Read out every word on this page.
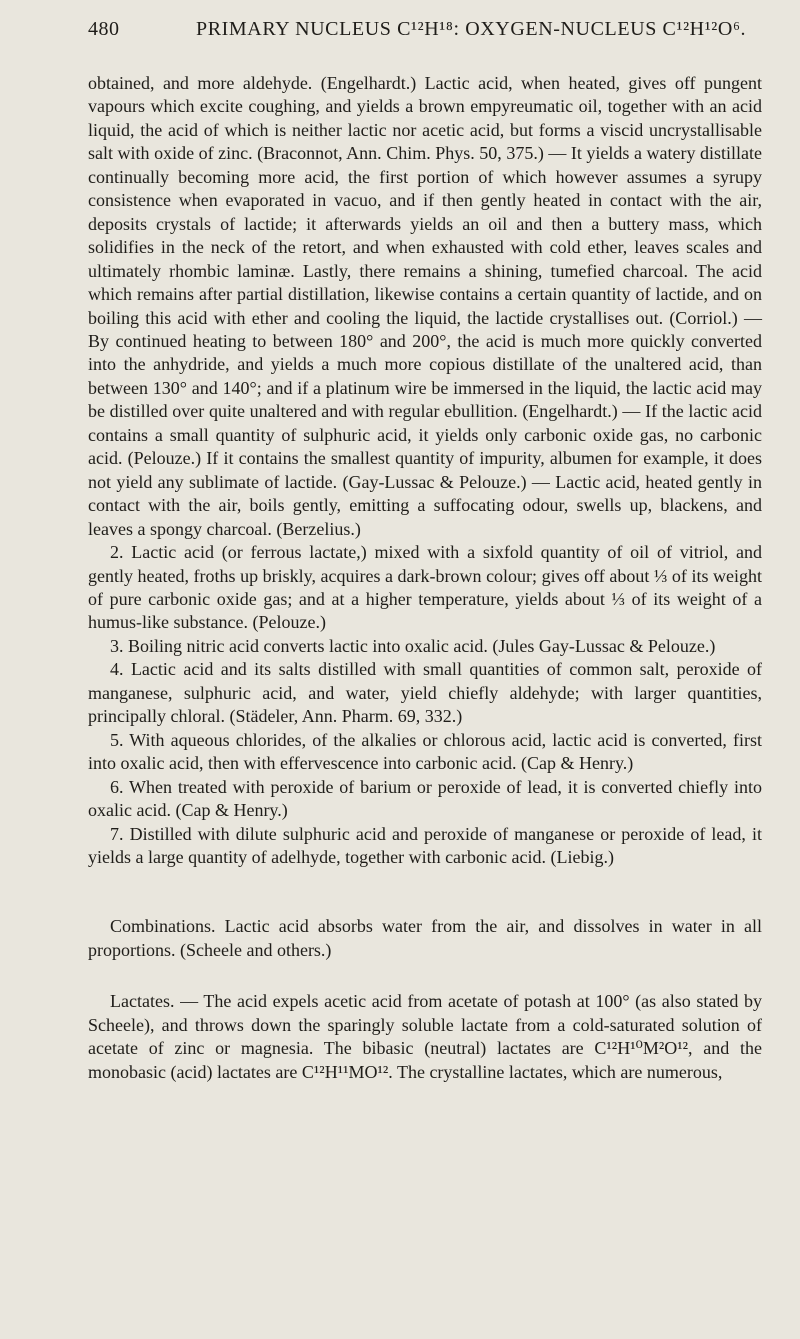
480	PRIMARY NUCLEUS C¹²H¹⁸: OXYGEN-NUCLEUS C¹²H¹²O⁶.

obtained, and more aldehyde. (Engelhardt.) Lactic acid, when heated, gives off pungent vapours which excite coughing, and yields a brown empyreumatic oil, together with an acid liquid, the acid of which is neither lactic nor acetic acid, but forms a viscid uncrystallisable salt with oxide of zinc. (Braconnot, Ann. Chim. Phys. 50, 375.) — It yields a watery distillate continually becoming more acid, the first portion of which however assumes a syrupy consistence when evaporated in vacuo, and if then gently heated in contact with the air, deposits crystals of lactide; it afterwards yields an oil and then a buttery mass, which solidifies in the neck of the retort, and when exhausted with cold ether, leaves scales and ultimately rhombic laminæ. Lastly, there remains a shining, tumefied charcoal. The acid which remains after partial distillation, likewise contains a certain quantity of lactide, and on boiling this acid with ether and cooling the liquid, the lactide crystallises out. (Corriol.) — By continued heating to between 180° and 200°, the acid is much more quickly converted into the anhydride, and yields a much more copious distillate of the unaltered acid, than between 130° and 140°; and if a platinum wire be immersed in the liquid, the lactic acid may be distilled over quite unaltered and with regular ebullition. (Engelhardt.) — If the lactic acid contains a small quantity of sulphuric acid, it yields only carbonic oxide gas, no carbonic acid. (Pelouze.) If it contains the smallest quantity of impurity, albumen for example, it does not yield any sublimate of lactide. (Gay-Lussac & Pelouze.) — Lactic acid, heated gently in contact with the air, boils gently, emitting a suffocating odour, swells up, blackens, and leaves a spongy charcoal. (Berzelius.)

2. Lactic acid (or ferrous lactate,) mixed with a sixfold quantity of oil of vitriol, and gently heated, froths up briskly, acquires a dark-brown colour; gives off about ⅓ of its weight of pure carbonic oxide gas; and at a higher temperature, yields about ⅓ of its weight of a humus-like substance. (Pelouze.)

3. Boiling nitric acid converts lactic into oxalic acid. (Jules Gay-Lussac & Pelouze.)

4. Lactic acid and its salts distilled with small quantities of common salt, peroxide of manganese, sulphuric acid, and water, yield chiefly aldehyde; with larger quantities, principally chloral. (Städeler, Ann. Pharm. 69, 332.)

5. With aqueous chlorides, of the alkalies or chlorous acid, lactic acid is converted, first into oxalic acid, then with effervescence into carbonic acid. (Cap & Henry.)

6. When treated with peroxide of barium or peroxide of lead, it is converted chiefly into oxalic acid. (Cap & Henry.)

7. Distilled with dilute sulphuric acid and peroxide of manganese or peroxide of lead, it yields a large quantity of adelhyde, together with carbonic acid. (Liebig.)

Combinations. Lactic acid absorbs water from the air, and dissolves in water in all proportions. (Scheele and others.)

Lactates. — The acid expels acetic acid from acetate of potash at 100° (as also stated by Scheele), and throws down the sparingly soluble lactate from a cold-saturated solution of acetate of zinc or magnesia. The bibasic (neutral) lactates are C¹²H¹⁰M²O¹², and the monobasic (acid) lactates are C¹²H¹¹MO¹². The crystalline lactates, which are numerous,
